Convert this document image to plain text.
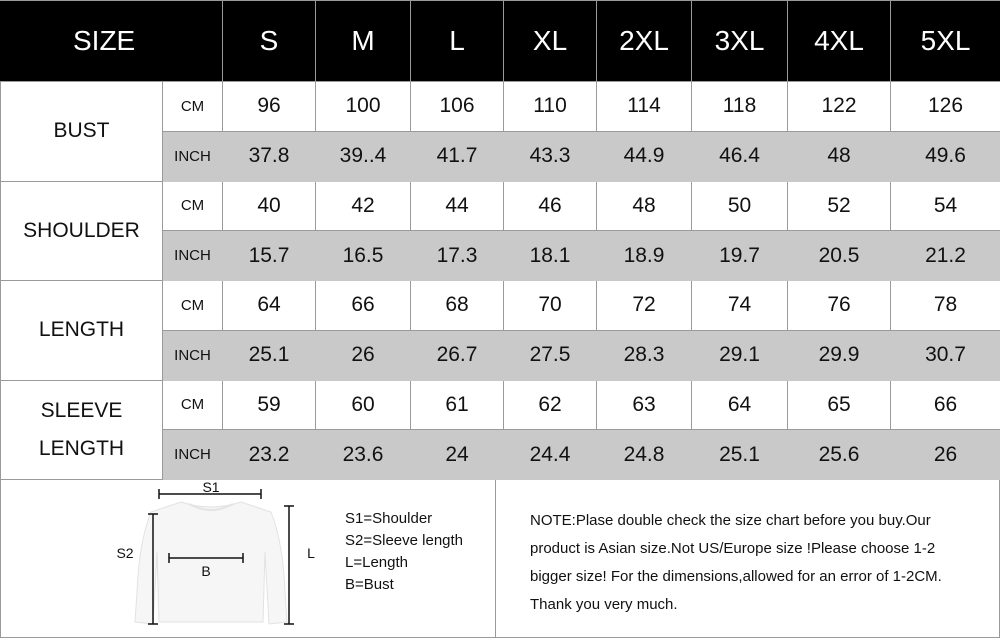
SIZE		S	M	L	XL	2XL	3XL	4XL	5XL

BUST	CM	96	100	106	110	114	118	122	126
	INCH	37.8	39..4	41.7	43.3	44.9	46.4	48	49.6

SHOULDER	CM	40	42	44	46	48	50	52	54
	INCH	15.7	16.5	17.3	18.1	18.9	19.7	20.5	21.2

LENGTH	CM	64	66	68	70	72	74	76	78
	INCH	25.1	26	26.7	27.5	28.3	29.1	29.9	30.7

SLEEVE
LENGTH	CM	59	60	61	62	63	64	65	66
	INCH	23.2	23.6	24	24.4	24.8	25.1	25.6	26
S1
S2
B
L
S1=Shoulder
S2=Sleeve length
L=Length
B=Bust
NOTE:Plase double check the size chart before you buy.Our
product is Asian size.Not US/Europe size !Please choose 1-2
bigger size! For the dimensions,allowed for an error of 1-2CM.
Thank you very much.
